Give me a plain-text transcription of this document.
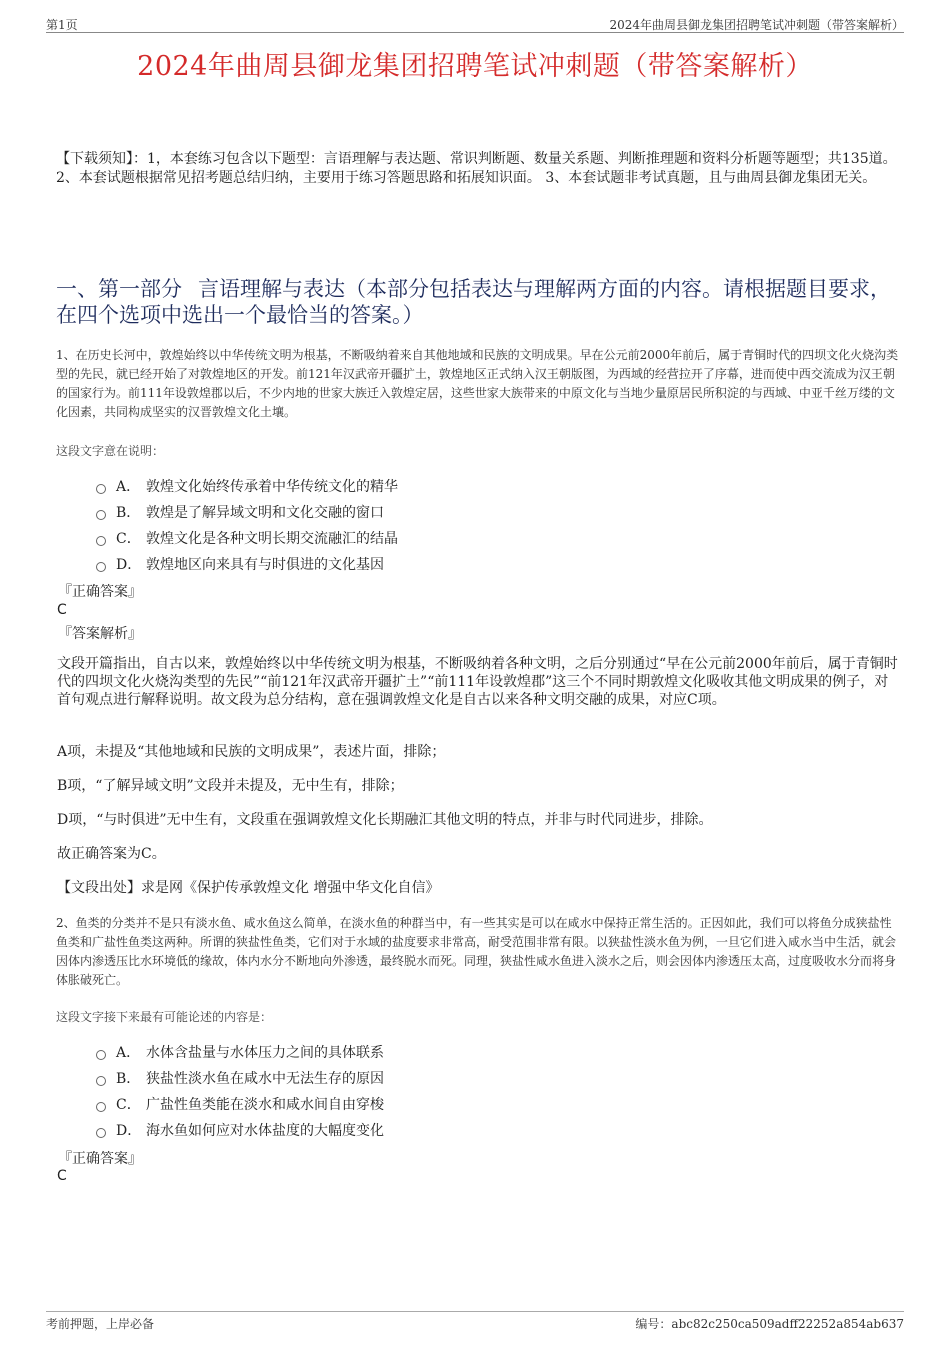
第1页	2024年曲周县御龙集团招聘笔试冲刺题（带答案解析）
2024年曲周县御龙集团招聘笔试冲刺题（带答案解析）
【下载须知】：1，本套练习包含以下题型：言语理解与表达题、常识判断题、数量关系题、判断推理题和资料分析题等题型；共135道。 2、本套试题根据常见招考题总结归纳，主要用于练习答题思路和拓展知识面。 3、本套试题非考试真题，且与曲周县御龙集团无关。
一、第一部分 言语理解与表达（本部分包括表达与理解两方面的内容。请根据题目要求，在四个选项中选出一个最恰当的答案。）
1、在历史长河中，敦煌始终以中华传统文明为根基，不断吸纳着来自其他地域和民族的文明成果。早在公元前2000年前后，属于青铜时代的四坝文化火烧沟类型的先民，就已经开始了对敦煌地区的开发。前121年汉武帝开疆扩土，敦煌地区正式纳入汉王朝版图，为西域的经营拉开了序幕，进而使中西交流成为汉王朝的国家行为。前111年设敦煌郡以后，不少内地的世家大族迁入敦煌定居，这些世家大族带来的中原文化与当地少量原居民所积淀的与西域、中亚千丝万缕的文化因素，共同构成坚实的汉晋敦煌文化土壤。
这段文字意在说明：
A． 敦煌文化始终传承着中华传统文化的精华
B． 敦煌是了解异域文明和文化交融的窗口
C． 敦煌文化是各种文明长期交流融汇的结晶
D． 敦煌地区向来具有与时俱进的文化基因
『正确答案』
C
『答案解析』
文段开篇指出，自古以来，敦煌始终以中华传统文明为根基，不断吸纳着各种文明，之后分别通过“早在公元前2000年前后，属于青铜时代的四坝文化火烧沟类型的先民”“前121年汉武帝开疆扩土”“前111年设敦煌郡”这三个不同时期敦煌文化吸收其他文明成果的例子，对首句观点进行解释说明。故文段为总分结构，意在强调敦煌文化是自古以来各种文明交融的成果，对应C项。
A项，未提及“其他地域和民族的文明成果”，表述片面，排除；
B项，“了解异域文明”文段并未提及，无中生有，排除；
D项，“与时俱进”无中生有，文段重在强调敦煌文化长期融汇其他文明的特点，并非与时代同进步，排除。
故正确答案为C。
【文段出处】求是网《保护传承敦煌文化 增强中华文化自信》
2、鱼类的分类并不是只有淡水鱼、咸水鱼这么简单，在淡水鱼的种群当中，有一些其实是可以在咸水中保持正常生活的。正因如此，我们可以将鱼分成狭盐性鱼类和广盐性鱼类这两种。所谓的狭盐性鱼类，它们对于水域的盐度要求非常高，耐受范围非常有限。以狭盐性淡水鱼为例，一旦它们进入咸水当中生活，就会因体内渗透压比水环境低的缘故，体内水分不断地向外渗透，最终脱水而死。同理，狭盐性咸水鱼进入淡水之后，则会因体内渗透压太高，过度吸收水分而将身体胀破死亡。
这段文字接下来最有可能论述的内容是：
A． 水体含盐量与水体压力之间的具体联系
B． 狭盐性淡水鱼在咸水中无法生存的原因
C． 广盐性鱼类能在淡水和咸水间自由穿梭
D． 海水鱼如何应对水体盐度的大幅度变化
『正确答案』
C
考前押题，上岸必备	编号：abc82c250ca509adff22252a854ab637
